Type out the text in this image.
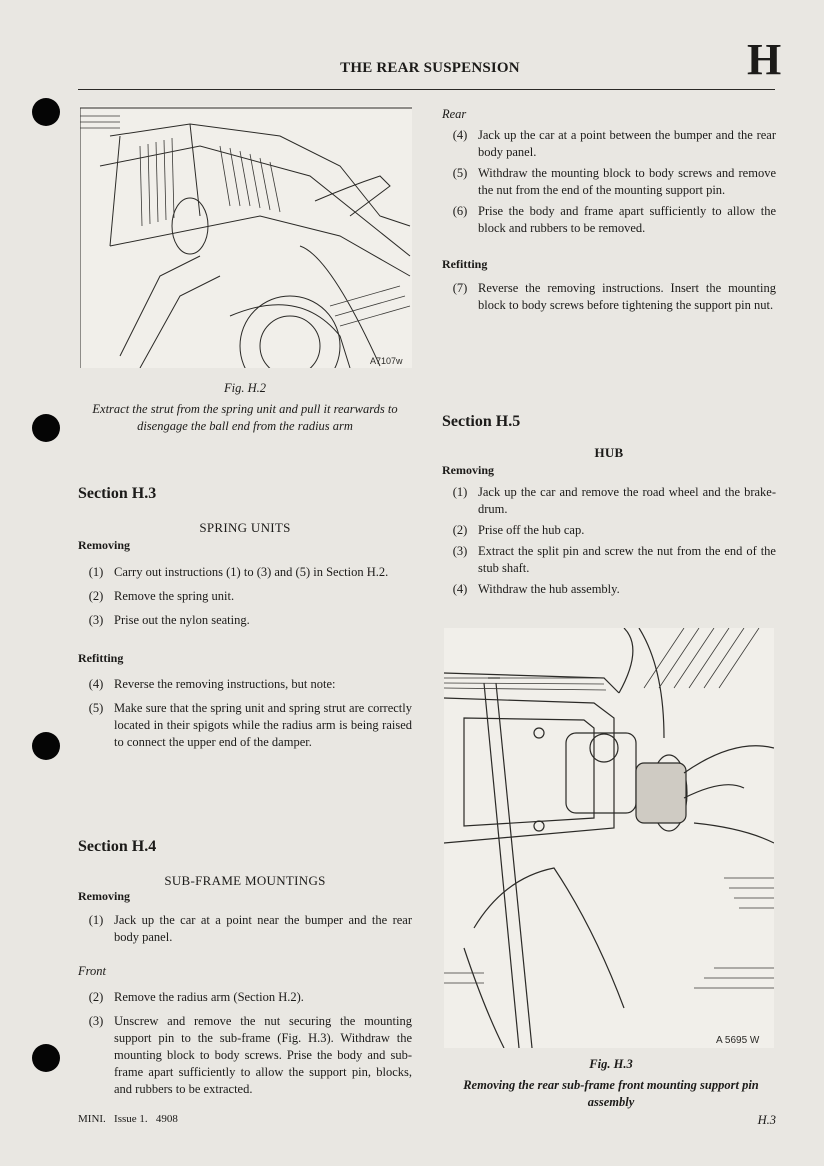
THE REAR SUSPENSION	H
A7107w
Fig. H.2
Extract the strut from the spring unit and pull it rearwards to disengage the ball end from the radius arm
Section H.3
SPRING UNITS
Removing
(1) Carry out instructions (1) to (3) and (5) in Section H.2.
(2) Remove the spring unit.
(3) Prise out the nylon seating.
Refitting
(4) Reverse the removing instructions, but note:
(5) Make sure that the spring unit and spring strut are correctly located in their spigots while the radius arm is being raised to connect the upper end of the damper.
Section H.4
SUB-FRAME MOUNTINGS
Removing
(1) Jack up the car at a point near the bumper and the rear body panel.
Front
(2) Remove the radius arm (Section H.2).
(3) Unscrew and remove the nut securing the mounting support pin to the sub-frame (Fig. H.3). Withdraw the mounting block to body screws. Prise the body and sub-frame apart sufficiently to allow the support pin, blocks, and rubbers to be extracted.
Rear
(4) Jack up the car at a point between the bumper and the rear body panel.
(5) Withdraw the mounting block to body screws and remove the nut from the end of the mounting support pin.
(6) Prise the body and frame apart sufficiently to allow the block and rubbers to be removed.
Refitting
(7) Reverse the removing instructions. Insert the mounting block to body screws before tightening the support pin nut.
Section H.5
HUB
Removing
(1) Jack up the car and remove the road wheel and the brake-drum.
(2) Prise off the hub cap.
(3) Extract the split pin and screw the nut from the end of the stub shaft.
(4) Withdraw the hub assembly.
A 5695 W
Fig. H.3
Removing the rear sub-frame front mounting support pin assembly
MINI.   Issue 1.   4908	H.3
